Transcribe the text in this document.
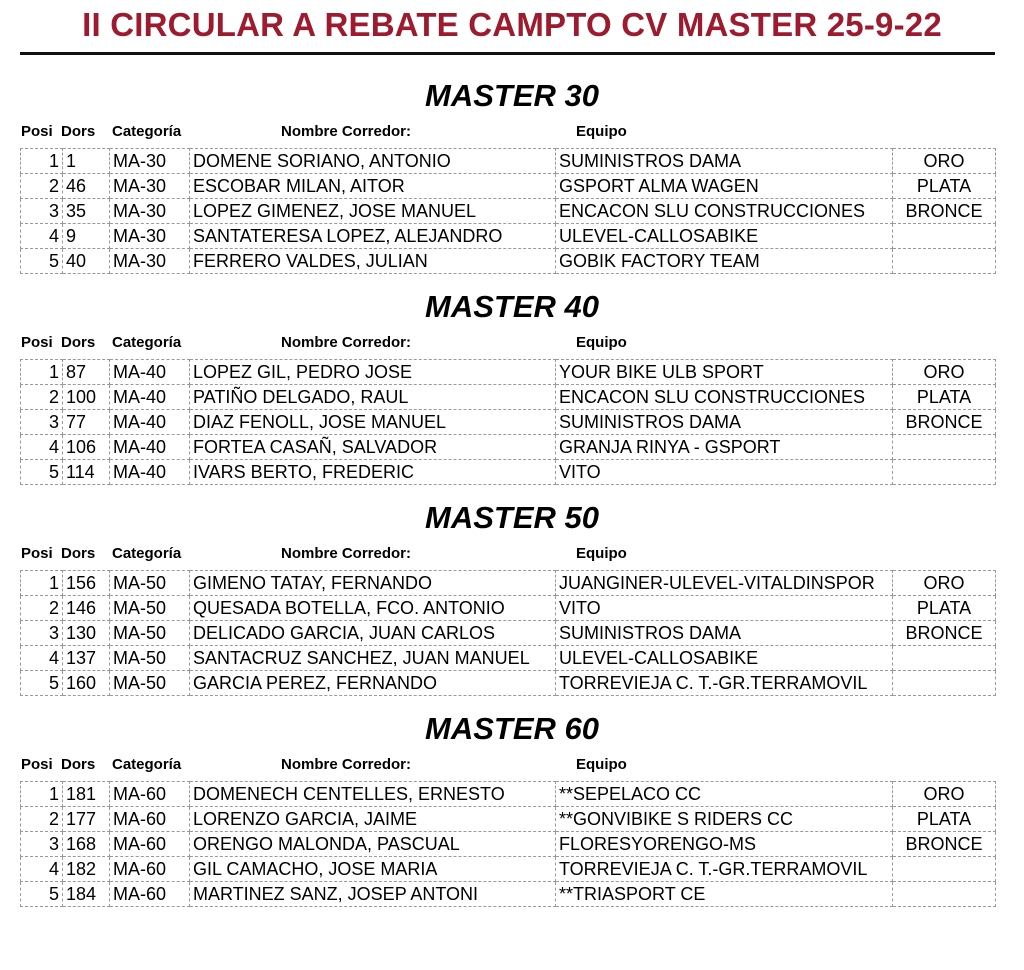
II CIRCULAR A REBATE CAMPTO CV MASTER 25-9-22
MASTER 30
Posi Dors Categoría	Nombre Corredor:	Equipo
1	1	MA-30	DOMENE SORIANO, ANTONIO	SUMINISTROS DAMA	ORO
2	46	MA-30	ESCOBAR MILAN, AITOR	GSPORT ALMA WAGEN	PLATA
3	35	MA-30	LOPEZ GIMENEZ, JOSE MANUEL	ENCACON SLU CONSTRUCCIONES	BRONCE
4	9	MA-30	SANTATERESA LOPEZ, ALEJANDRO	ULEVEL-CALLOSABIKE	
5	40	MA-30	FERRERO VALDES, JULIAN	GOBIK FACTORY TEAM	
MASTER 40
Posi Dors Categoría	Nombre Corredor:	Equipo
1	87	MA-40	LOPEZ GIL, PEDRO JOSE	YOUR BIKE ULB SPORT	ORO
2	100	MA-40	PATIÑO DELGADO, RAUL	ENCACON SLU CONSTRUCCIONES	PLATA
3	77	MA-40	DIAZ FENOLL, JOSE MANUEL	SUMINISTROS DAMA	BRONCE
4	106	MA-40	FORTEA CASAÑ, SALVADOR	GRANJA RINYA - GSPORT	
5	114	MA-40	IVARS BERTO, FREDERIC	VITO	
MASTER 50
Posi Dors Categoría	Nombre Corredor:	Equipo
1	156	MA-50	GIMENO TATAY, FERNANDO	JUANGINER-ULEVEL-VITALDINSPOR	ORO
2	146	MA-50	QUESADA BOTELLA, FCO. ANTONIO	VITO	PLATA
3	130	MA-50	DELICADO GARCIA, JUAN CARLOS	SUMINISTROS DAMA	BRONCE
4	137	MA-50	SANTACRUZ SANCHEZ, JUAN MANUEL	ULEVEL-CALLOSABIKE	
5	160	MA-50	GARCIA PEREZ, FERNANDO	TORREVIEJA C. T.-GR.TERRAMOVIL	
MASTER 60
Posi Dors Categoría	Nombre Corredor:	Equipo
1	181	MA-60	DOMENECH CENTELLES, ERNESTO	**SEPELACO CC	ORO
2	177	MA-60	LORENZO GARCIA, JAIME	**GONVIBIKE S RIDERS CC	PLATA
3	168	MA-60	ORENGO MALONDA, PASCUAL	FLORESYORENGO-MS	BRONCE
4	182	MA-60	GIL CAMACHO, JOSE MARIA	TORREVIEJA C. T.-GR.TERRAMOVIL	
5	184	MA-60	MARTINEZ SANZ, JOSEP ANTONI	**TRIASPORT CE	
